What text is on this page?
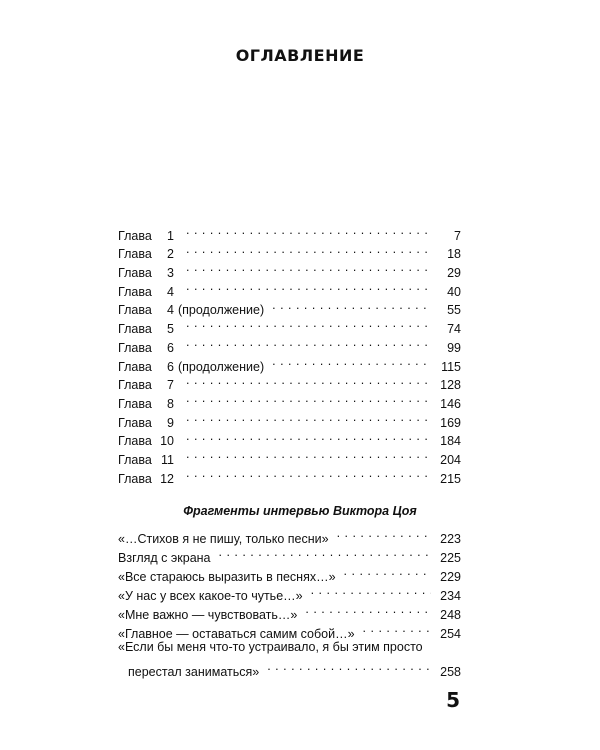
ОГЛАВЛЕНИЕ
Глава	1 . . .	7
Глава	2 . . .	18
Глава	3 . . .	29
Глава	4 . . .	40
Глава	4 (продолжение) . . .	55
Глава	5 . . .	74
Глава	6 . . .	99
Глава	6 (продолжение) . . .	115
Глава	7 . . .	128
Глава	8 . . .	146
Глава	9 . . .	169
Глава 10 . . .	184
Глава 11 . . .	204
Глава 12 . . .	215
Фрагменты интервью Виктора Цоя
«…Стихов я не пишу, только песни» . . .	223
Взгляд с экрана . . .	225
«Все стараюсь выразить в песнях…» . . .	229
«У нас у всех какое-то чутье…» . . .	234
«Мне важно — чувствовать…» . . .	248
«Главное — оставаться самим собой…» . . .	254
«Если бы меня что-то устраивало, я бы этим просто
перестал заниматься» . . .	258
5
